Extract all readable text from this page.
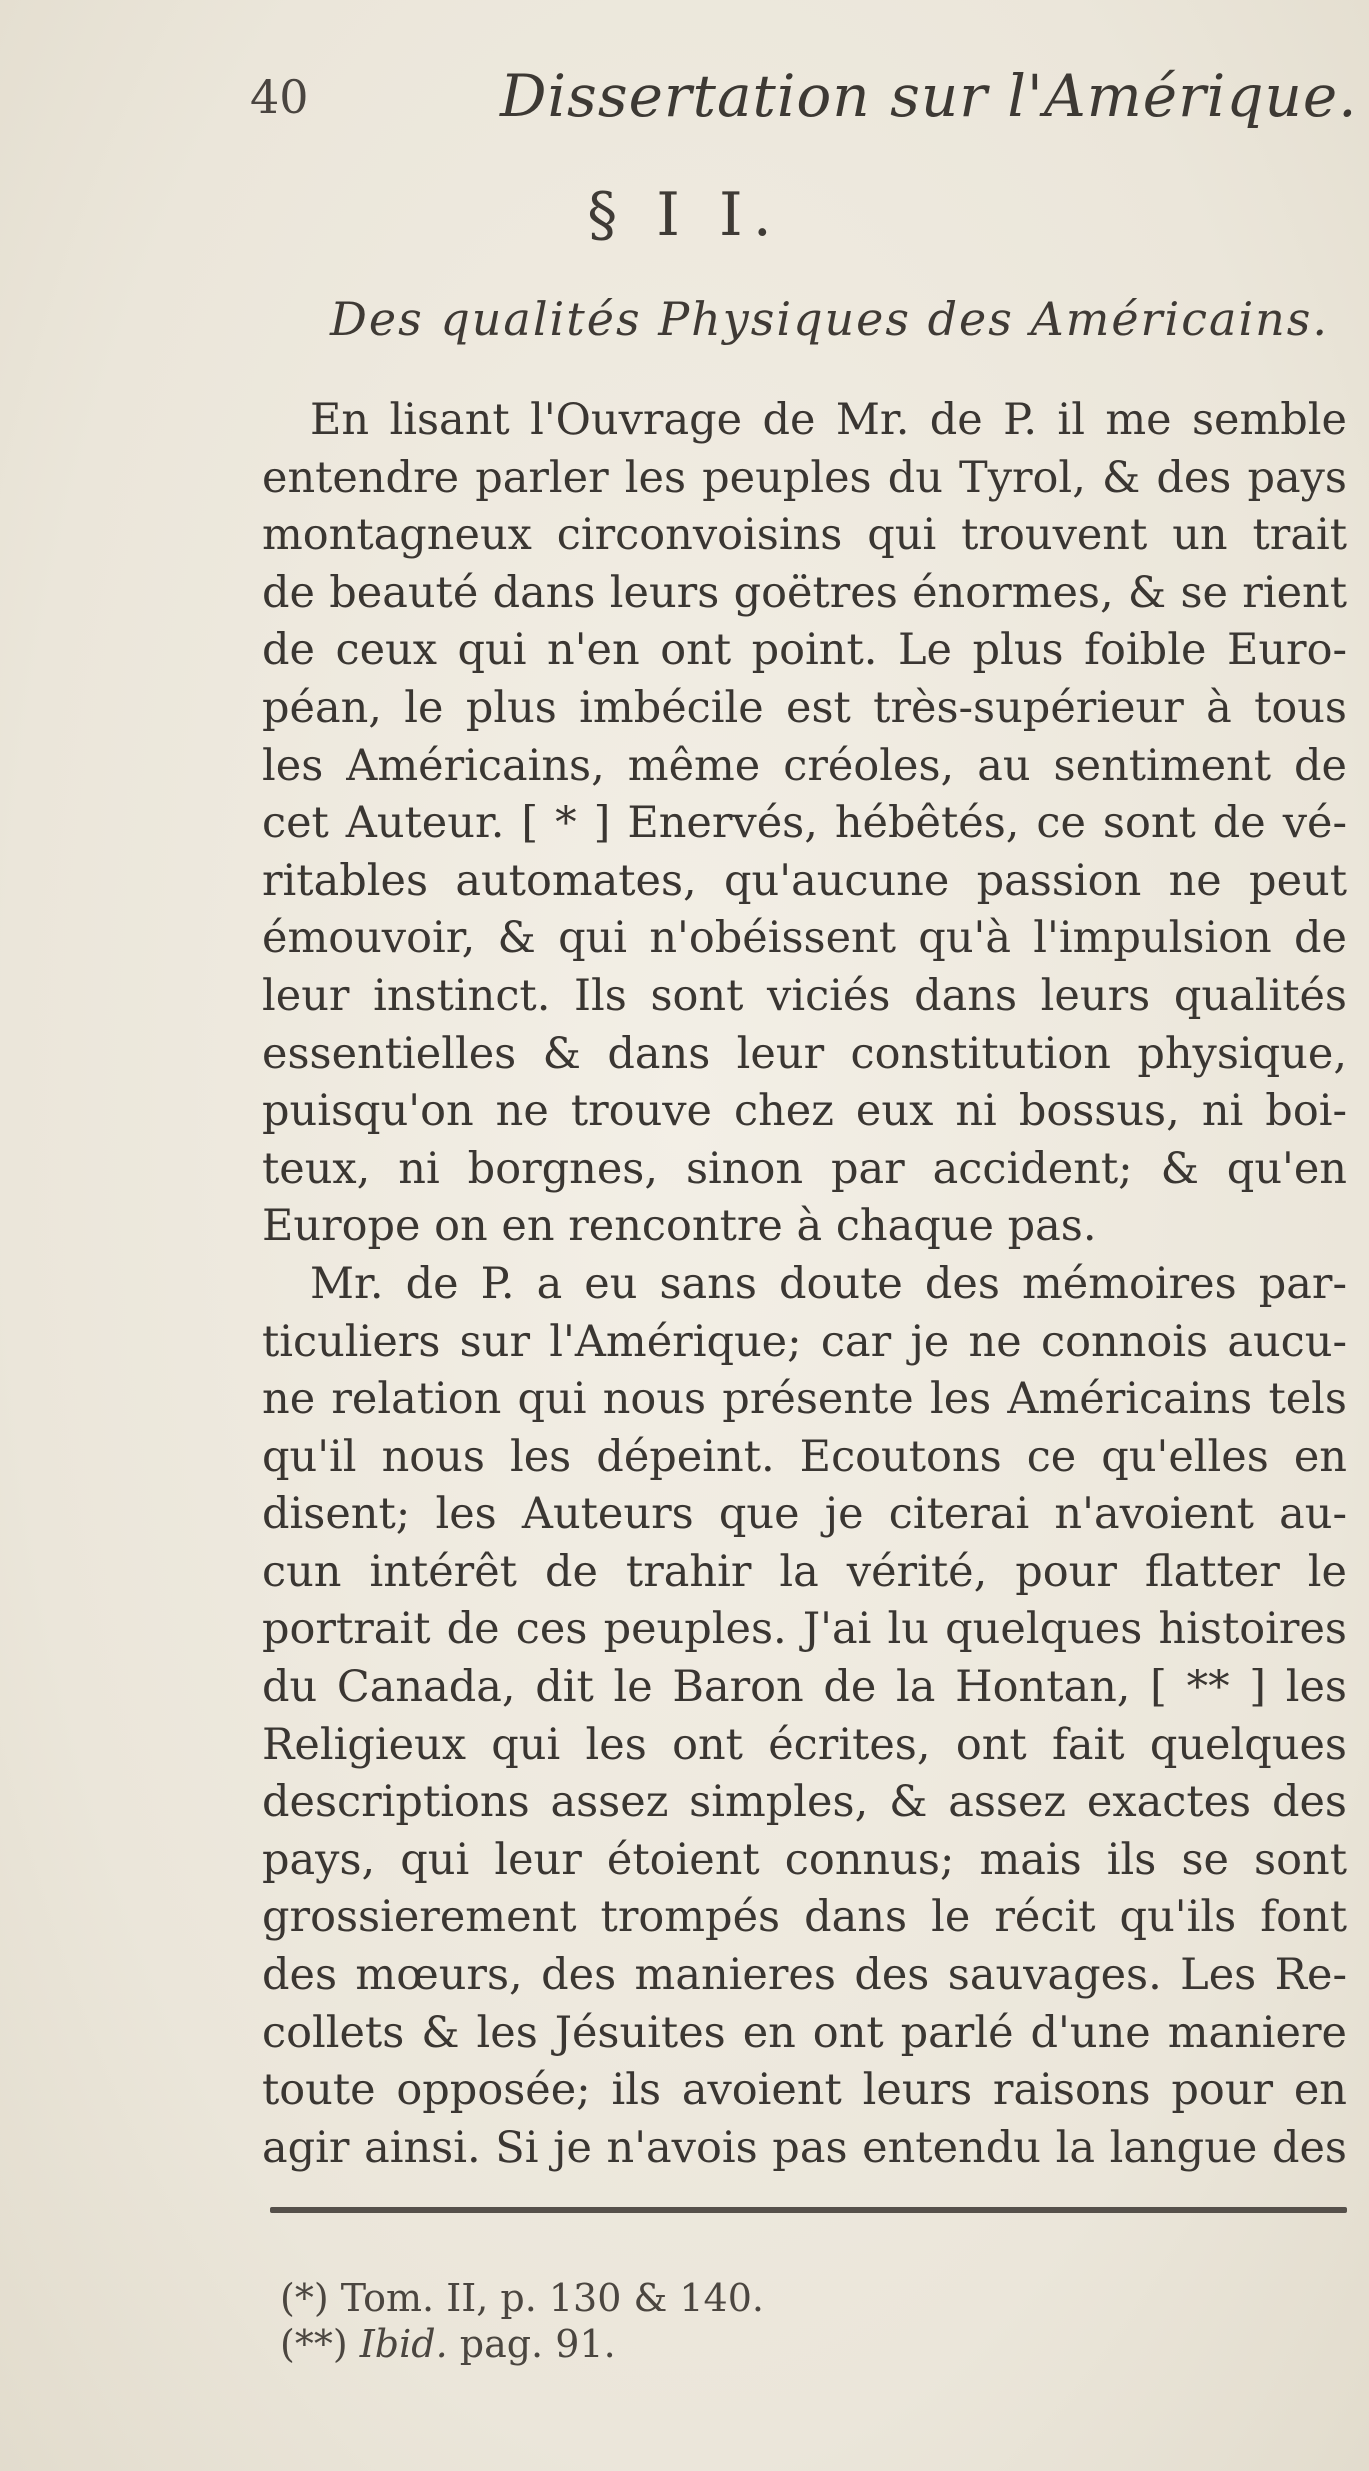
40	Dissertation sur l'Amérique.
§ I I.
Des qualités Physiques des Américains.
En lisant l'Ouvrage de Mr. de P. il me semble
entendre parler les peuples du Tyrol, & des pays
montagneux circonvoisins qui trouvent un trait
de beauté dans leurs goëtres énormes, & se rient
de ceux qui n'en ont point. Le plus foible Euro-
péan, le plus imbécile est très-supérieur à tous
les Américains, même créoles, au sentiment de
cet Auteur. [ * ] Enervés, hébêtés, ce sont de vé-
ritables automates, qu'aucune passion ne peut
émouvoir, & qui n'obéissent qu'à l'impulsion de
leur instinct. Ils sont viciés dans leurs qualités
essentielles & dans leur constitution physique,
puisqu'on ne trouve chez eux ni bossus, ni boi-
teux, ni borgnes, sinon par accident; & qu'en
Europe on en rencontre à chaque pas.
Mr. de P. a eu sans doute des mémoires par-
ticuliers sur l'Amérique; car je ne connois aucu-
ne relation qui nous présente les Américains tels
qu'il nous les dépeint. Ecoutons ce qu'elles en
disent; les Auteurs que je citerai n'avoient au-
cun intérêt de trahir la vérité, pour flatter le
portrait de ces peuples. J'ai lu quelques histoires
du Canada, dit le Baron de la Hontan, [ ** ] les
Religieux qui les ont écrites, ont fait quelques
descriptions assez simples, & assez exactes des
pays, qui leur étoient connus; mais ils se sont
grossierement trompés dans le récit qu'ils font
des mœurs, des manieres des sauvages. Les Re-
collets & les Jésuites en ont parlé d'une maniere
toute opposée; ils avoient leurs raisons pour en
agir ainsi. Si je n'avois pas entendu la langue des
(*) Tom. II, p. 130 & 140.
(**) Ibid. pag. 91.
